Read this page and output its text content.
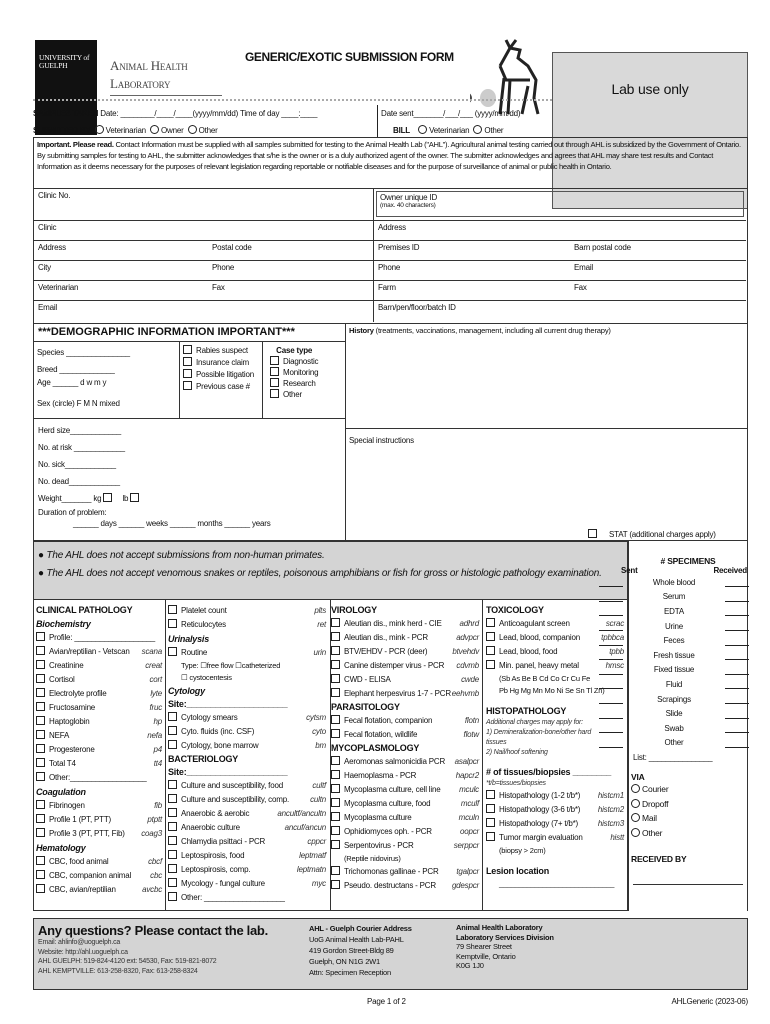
UNIVERSITY of GUELPH	Animal Health
Laboratory
GENERIC/EXOTIC SUBMISSION FORM
Lab use only
SAMPLES TAKEN Date: ________/____/____(yyyy/mm/dd) Time of day ____:____
SUBMITTED BY Veterinarian Owner Other
Date sent_______/___/___ (yyyy/mm/dd)
BILL Veterinarian Other
Important. Please read. Contact Information must be supplied with all samples submitted for testing to the Animal Health Lab ("AHL"). Agricultural animal testing carried out through AHL is subsidized by the Government of Ontario. By submitting samples for testing to AHL, the submitter acknowledges that s/he is the owner or is a duly authorized agent of the owner. The submitter acknowledges and agrees that AHL may share test results and Contact Information as it deems necessary for the purposes of relevant legislation regarding reportable or notifiable diseases and for the purpose of surveillance of animal or public health in Ontario.
Clinic No.
Clinic
Address	Postal code
City	Phone
Veterinarian	Fax
Email
Owner unique ID
(max. 40 characters)
Address
Premises ID	Barn postal code
Phone	Email
Farm	Fax
Barn/pen/floor/batch ID
***DEMOGRAPHIC INFORMATION IMPORTANT***
Species _______________
Breed _____________
Age ______ d w m y
Sex (circle) F M N mixed
Rabies suspect
Insurance claim
Possible litigation
Previous case #
Case type
Diagnostic
Monitoring
Research
Other
Herd size____________
No. at risk ____________
No. sick____________
No. dead____________
Weight_______ kg	lb
Duration of problem:
______ days ______ weeks ______ months ______ years
History (treatments, vaccinations, management, including all current drug therapy)
Special instructions
STAT (additional charges apply)
● The AHL does not accept submissions from non-human primates.
● The AHL does not accept venomous snakes or reptiles, poisonous amphibians or fish for gross or histologic pathology examination.
CLINICAL PATHOLOGY
Biochemistry
Profile: ___________________
Avian/reptilian - Vetscan scana
Creatinine	creat
Cortisol	cort
Electrolyte profile	lyte
Fructosamine	fruc
Haptoglobin	hp
NEFA	nefa
Progesterone	p4
Total T4	tt4
Other:__________________
Coagulation
Fibrinogen	fib
Profile 1 (PT, PTT)	ptptt
Profile 3 (PT, PTT, Fib) coag3
Hematology
CBC, food animal	cbcf
CBC, companion animal cbc
CBC, avian/reptilian	avcbc
Platelet count	plts
Reticulocytes	ret
Urinalysis
Routine	urin
Type: ☐free flow ☐catheterized
☐ cystocentesis
Cytology
Site:_____________________
Cytology smears	cytsm
Cyto. fluids (inc. CSF)	cyto
Cytology, bone marrow	bm
BACTERIOLOGY
Site:_____________________
Culture and susceptibility, food	cultf
Culture and susceptibility, comp.	cultn
Anaerobic & aerobic	ancultf/ancultn
Anaerobic culture	ancuf/ancun
Chlamydia psittaci - PCR	cppcr
Leptospirosis, food	leptmatf
Leptospirosis, comp.	leptmatn
Mycology - fungal culture	myc
Other: ___________________
VIROLOGY
Aleutian dis., mink herd - CIE adhrd
Aleutian dis., mink - PCR	advpcr
BTV/EHDV - PCR (deer)	btvehdv
Canine distemper virus - PCR cdvmb
CWD - ELISA	cwde
Elephant herpesvirus 1-7 - PCR eehvmb
PARASITOLOGY
Fecal flotation, companion	flotn
Fecal flotation, wildlife	flotw
MYCOPLASMOLOGY
Aeromonas salmonicidia PCR asalpcr
Haemoplasma - PCR	hapcr2
Mycoplasma culture, cell line mculc
Mycoplasma culture, food	mculf
Mycoplasma culture	mculn
Ophidiomyces oph. - PCR	oopcr
Serpentovirus - PCR	serppcr
(Reptile nidovirus)
Trichomonas gallinae - PCR tgalpcr
Pseudo. destructans - PCR gdespcr
TOXICOLOGY
Anticoagulant screen	scrac
Lead, blood, companion	tpbbca
Lead, blood, food	tpbb
Min. panel, heavy metal	hmsc
(Sb As Be B Cd Co Cr Cu Fe
Pb Hg Mg Mn Mo Ni Se Sn Tl Zn)
HISTOPATHOLOGY
Additional charges may apply for:
1) Demineralization-bone/other hard
tissues
2) Nail/hoof softening
# of tissues/biopsies ________
*t/b=tissues/biopsies
Histopathology (1-2 t/b*) histcm1
Histopathology (3-6 t/b*) histcm2
Histopathology (7+ t/b*) histcm3
Tumor margin evaluation	histt
(biopsy > 2cm)
Lesion location
_____________________________
# SPECIMENS
Sent	Received
Whole blood
Serum
EDTA
Urine
Feces
Fresh tissue
Fixed tissue
Fluid
Scrapings
Slide
Swab
Other
List: _______________
VIA
Courier
Dropoff
Mail
Other
RECEIVED BY
Any questions? Please contact the lab.
Email: ahlinfo@uoguelph.ca
Website: http://ahl.uoguelph.ca
AHL GUELPH: 519-824-4120 ext: 54530, Fax: 519-821-8072
AHL KEMPTVILLE: 613-258-8320, Fax: 613-258-8324
AHL - Guelph Courier Address
UoG Animal Health Lab-PAHL
419 Gordon Street-Bldg 89
Guelph, ON N1G 2W1
Attn: Specimen Reception
Animal Health Laboratory
Laboratory Services Division
79 Shearer Street
Kemptville, Ontario
K0G 1J0
Page 1 of 2	AHLGeneric (2023-06)
